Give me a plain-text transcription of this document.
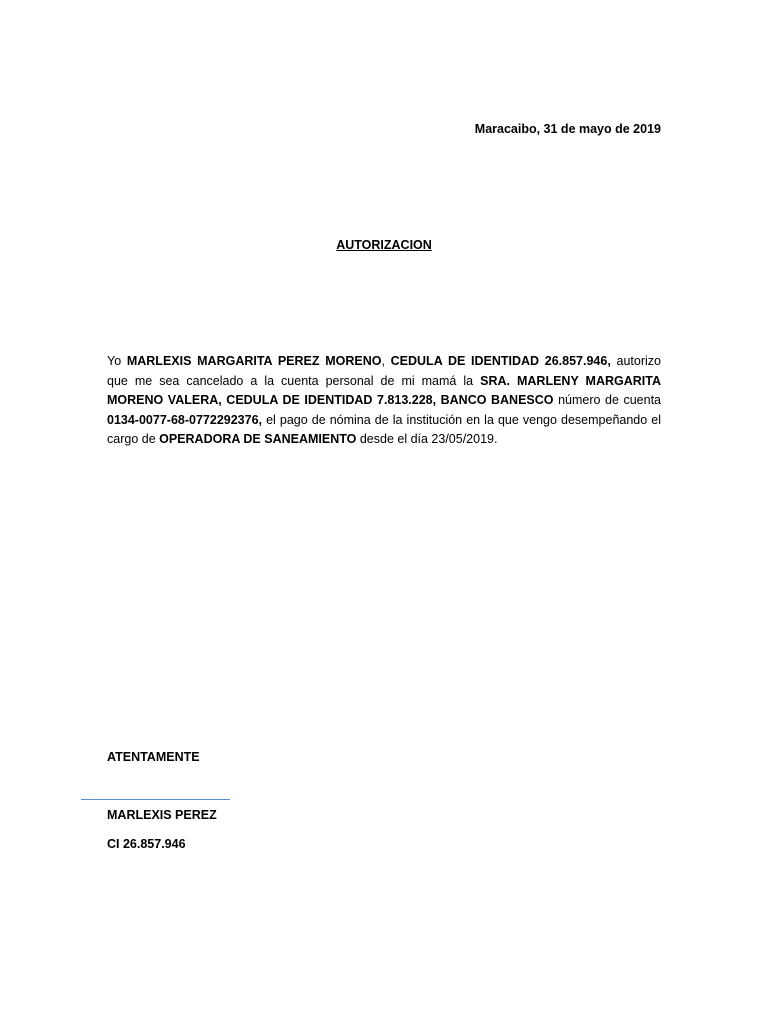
Maracaibo, 31 de mayo de 2019
AUTORIZACION
Yo MARLEXIS MARGARITA PEREZ MORENO, CEDULA DE IDENTIDAD 26.857.946, autorizo que me sea cancelado a la cuenta personal de mi mamá la SRA. MARLENY MARGARITA MORENO VALERA, CEDULA DE IDENTIDAD 7.813.228, BANCO BANESCO número de cuenta 0134-0077-68-0772292376, el pago de nómina de la institución en la que vengo desempeñando el cargo de OPERADORA DE SANEAMIENTO desde el día 23/05/2019.
ATENTAMENTE
MARLEXIS PEREZ
CI 26.857.946
